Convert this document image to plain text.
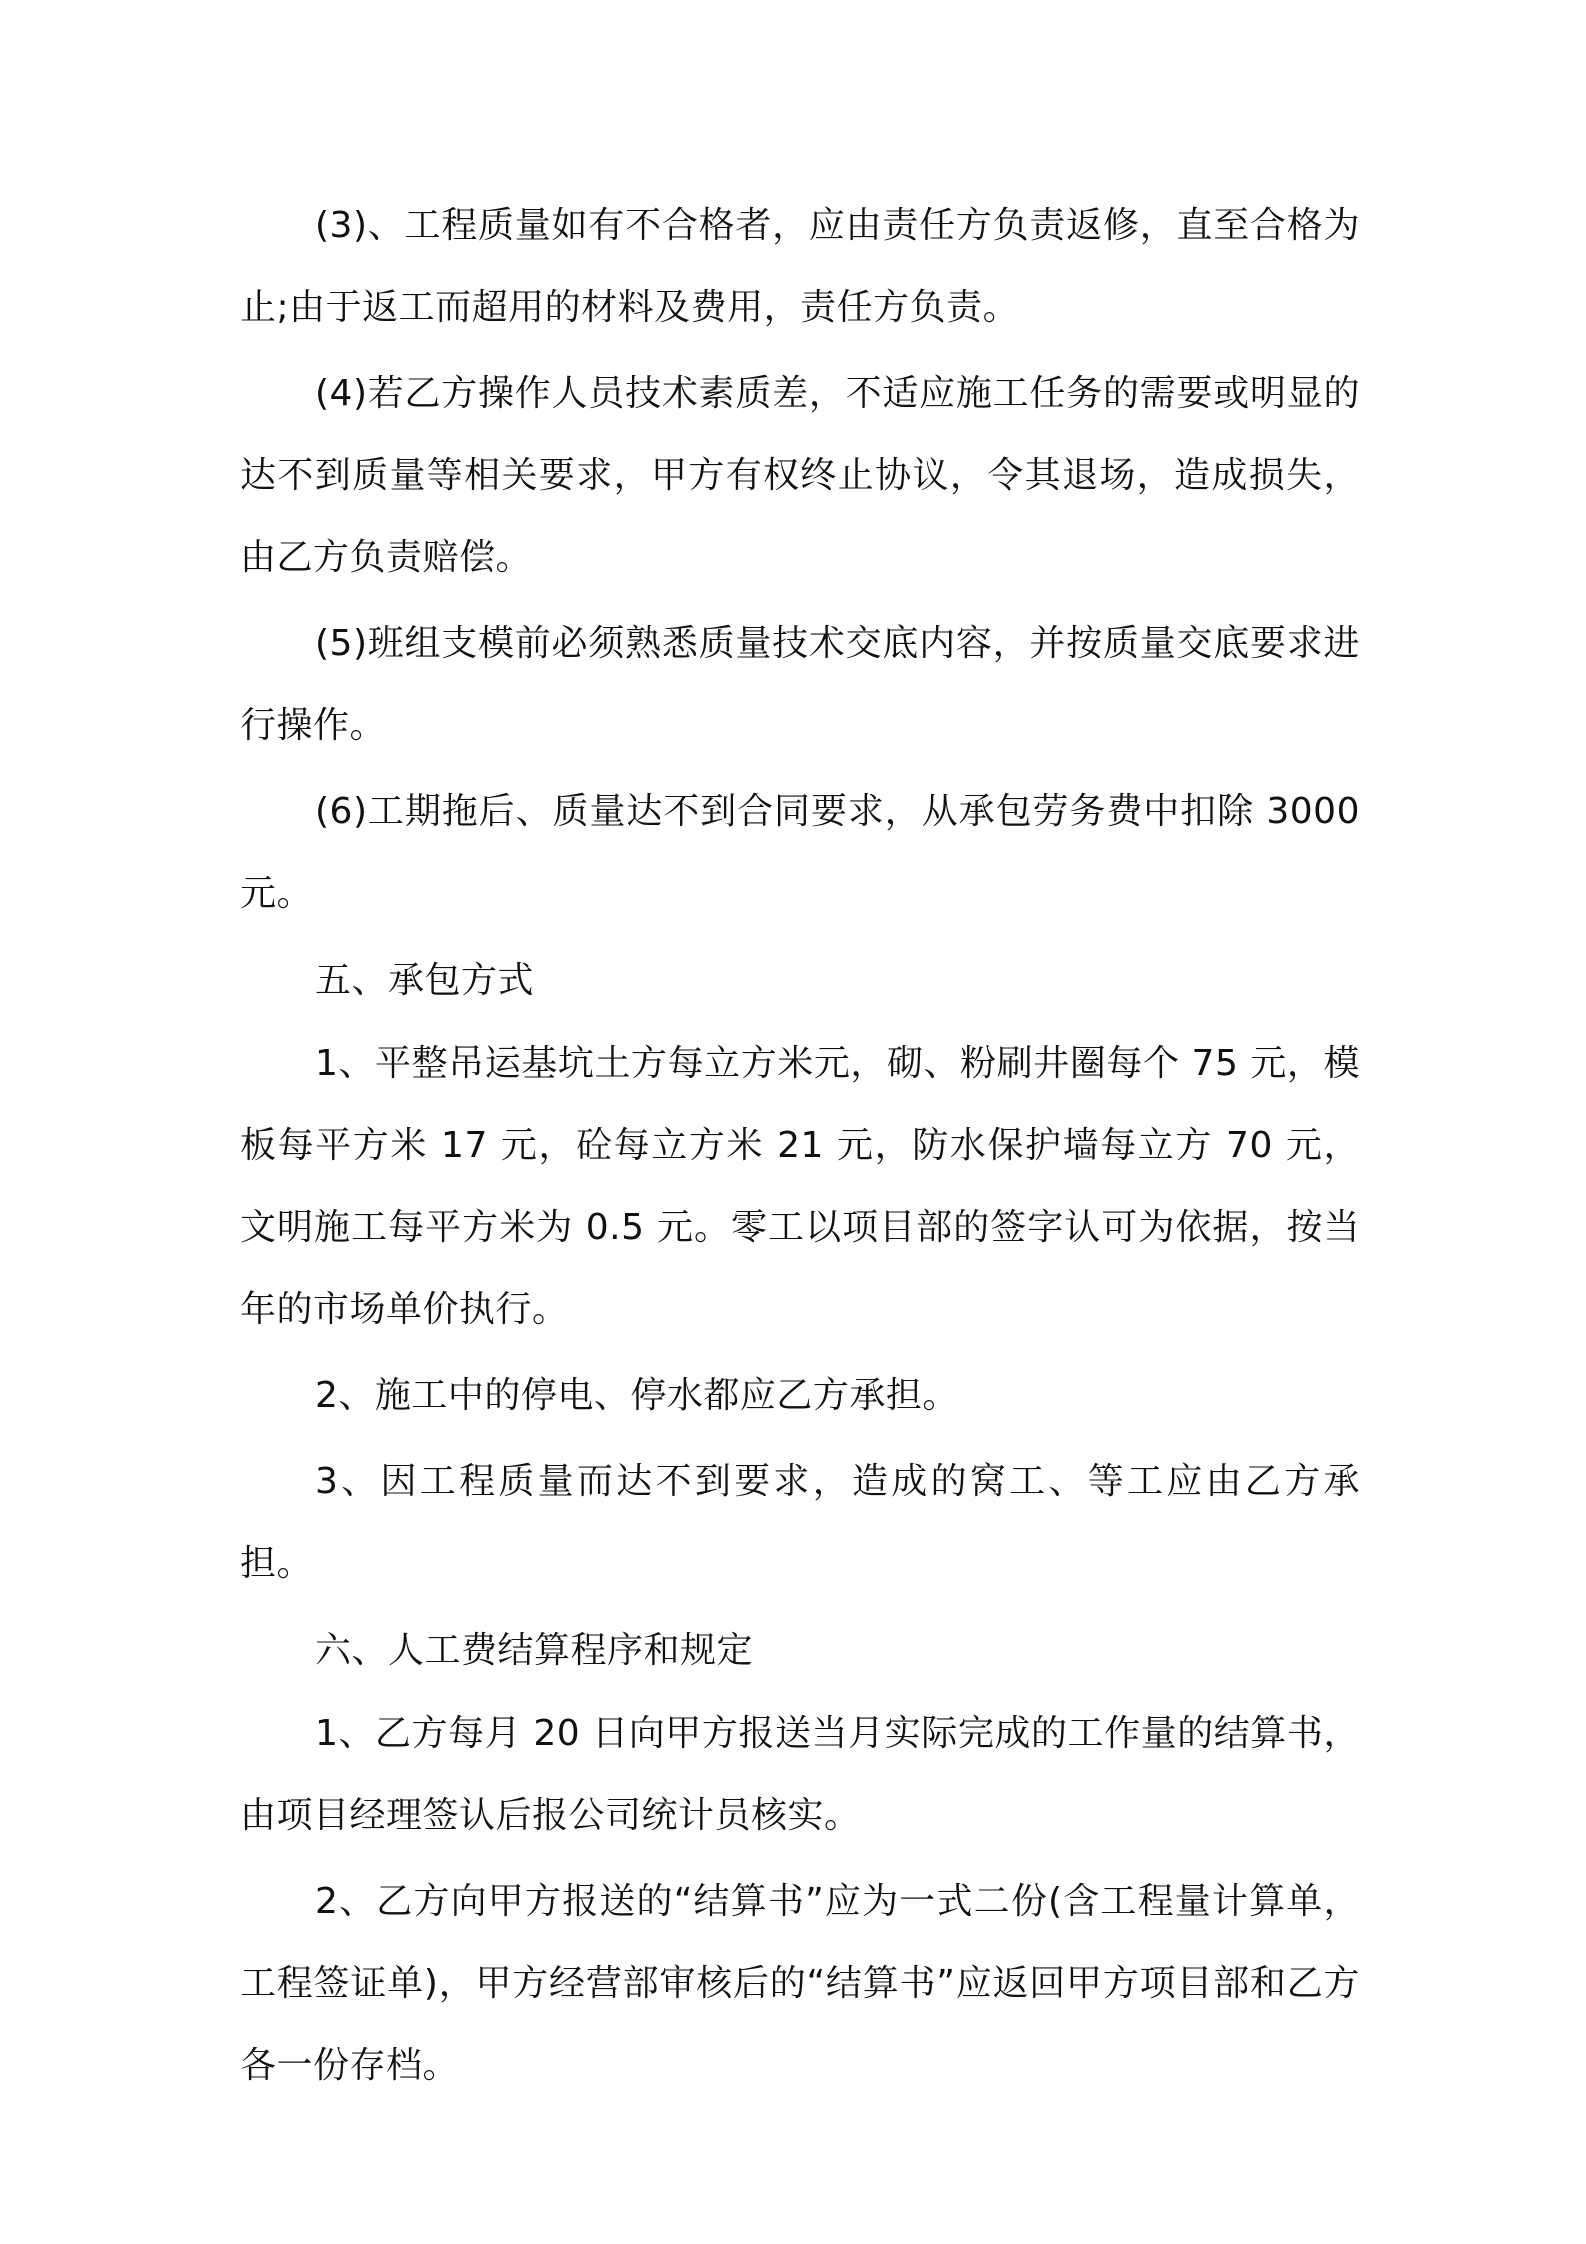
(3)、工程质量如有不合格者，应由责任方负责返修，直至合格为止;由于返工而超用的材料及费用，责任方负责。

(4)若乙方操作人员技术素质差，不适应施工任务的需要或明显的达不到质量等相关要求，甲方有权终止协议，令其退场，造成损失，由乙方负责赔偿。

(5)班组支模前必须熟悉质量技术交底内容，并按质量交底要求进行操作。

(6)工期拖后、质量达不到合同要求，从承包劳务费中扣除 3000 元。

五、承包方式

1、平整吊运基坑土方每立方米元，砌、粉刷井圈每个 75 元，模板每平方米 17 元，砼每立方米 21 元，防水保护墙每立方 70 元，文明施工每平方米为 0.5 元。零工以项目部的签字认可为依据，按当年的市场单价执行。

2、施工中的停电、停水都应乙方承担。

3、因工程质量而达不到要求，造成的窝工、等工应由乙方承担。

六、人工费结算程序和规定

1、乙方每月 20 日向甲方报送当月实际完成的工作量的结算书，由项目经理签认后报公司统计员核实。

2、乙方向甲方报送的“结算书”应为一式二份(含工程量计算单，工程签证单)，甲方经营部审核后的“结算书”应返回甲方项目部和乙方各一份存档。
